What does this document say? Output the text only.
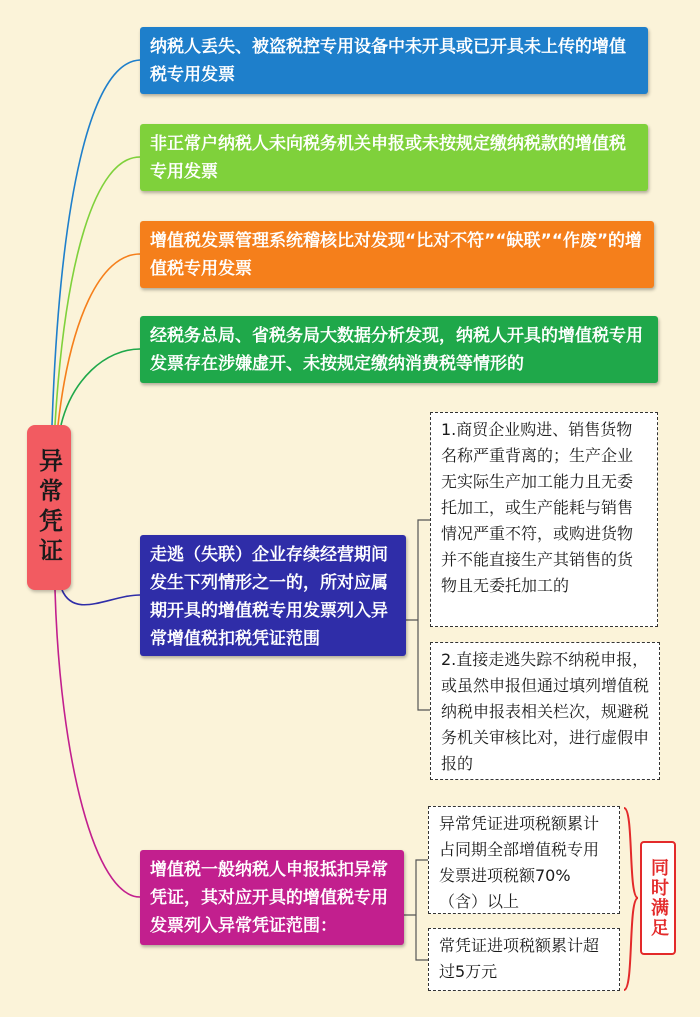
异常凭证
纳税人丢失、被盗税控专用设备中未开具或已开具未上传的增值税专用发票
非正常户纳税人未向税务机关申报或未按规定缴纳税款的增值税专用发票
增值税发票管理系统稽核比对发现“比对不符”“缺联”“作废”的增值税专用发票
经税务总局、省税务局大数据分析发现，纳税人开具的增值税专用发票存在涉嫌虚开、未按规定缴纳消费税等情形的
走逃（失联）企业存续经营期间发生下列情形之一的，所对应属期开具的增值税专用发票列入异常增值税扣税凭证范围
增值税一般纳税人申报抵扣异常凭证，其对应开具的增值税专用发票列入异常凭证范围：
1.商贸企业购进、销售货物名称严重背离的；生产企业无实际生产加工能力且无委托加工，或生产能耗与销售情况严重不符，或购进货物并不能直接生产其销售的货物且无委托加工的
2.直接走逃失踪不纳税申报，或虽然申报但通过填列增值税纳税申报表相关栏次，规避税务机关审核比对，进行虚假申报的
异常凭证进项税额累计占同期全部增值税专用发票进项税额70%（含）以上
常凭证进项税额累计超过5万元
同时满足
